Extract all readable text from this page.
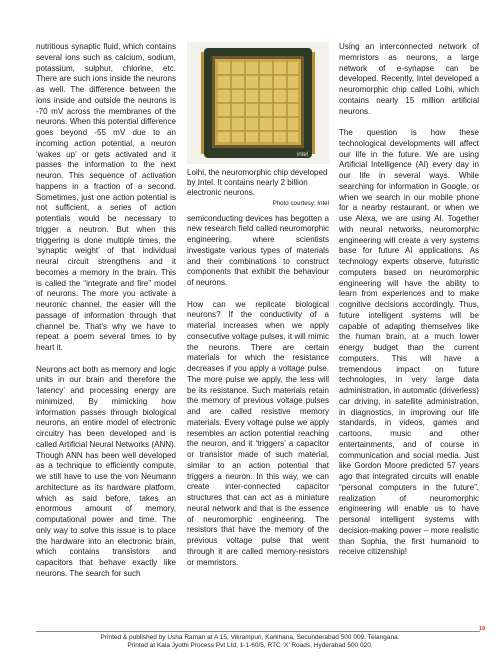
nutritious synaptic fluid, which contains several ions such as calcium, sodium, potassium, sulphur, chlorine, etc. There are such ions inside the neurons as well. The difference between the ions inside and outside the neurons is -70 mV across the membranes of the neurons. When this potential difference goes beyond -55 mV due to an incoming action potential, a neuron ‘wakes up’ or gets activated and it passes the information to the next neuron. This sequence of activation happens in a fraction of a second. Sometimes, just one action potential is not sufficient, a series of action potentials would be necessary to trigger a neutron. But when this triggering is done multiple times, the ‘synaptic weight’ of that individual neural circuit strengthens and it becomes a memory in the brain. This is called the “integrate and fire” model of neurons. The more you activate a neuronic channel, the easier will the passage of information through that channel be. That’s why we have to repeat a poem several times to by heart it.

Neurons act both as memory and logic units in our brain and therefore the ‘latency’ and processing energy are minimized. By mimicking how information passes through biological neurons, an entire model of electronic circuitry has been developed and is called Artificial Neural Networks (ANN). Though ANN has been well developed as a technique to efficiently compute, we still have to use the von Neumann architecture as its hardware platform, which as said before, takes an enormous amount of memory, computational power and time. The only way to solve this issue is to place the hardware into an electronic brain, which contains transistors and capacitors that behave exactly like neurons. The search for such

intel
Loihi, the neuromorphic chip developed by Intel. It contains nearly 2 billion electronic neurons.
Photo courtesy: Intel

semiconducting devices has begotten a new research field called neuromorphic engineering, where scientists investigate various types of materials and their combinations to construct components that exhibit the behaviour of neurons.

How can we replicate biological neurons? If the conductivity of a material increases when we apply consecutive voltage pulses, it will mimic the neurons. There are certain materials for which the resistance decreases if you apply a voltage pulse. The more pulse we apply, the less will be its resistance. Such materials retain the memory of previous voltage pulses and are called resistive memory materials. Every voltage pulse we apply resembles an action potential reaching the neuron, and it ‘triggers’ a capacitor or transistor made of such material, similar to an action potential that triggers a neuron. In this way, we can create inter-connected capacitor structures that can act as a miniature neural network and that is the essence of neuromorphic engineering. The resistors that have the memory of the previous voltage pulse that went through it are called memory-resistors or memristors.

Using an interconnected network of memristors as neurons, a large network of e-synapse can be developed. Recently, Intel developed a neuromorphic chip called Loihi, which contains nearly 15 million artificial neurons.

The question is how these technological developments will affect our life in the future. We are using Artificial Intelligence (AI) every day in our life in several ways. While searching for information in Google, or when we search in our mobile phone for a nearby restaurant, or when we use Alexa, we are using AI. Together with neural networks, neuromorphic engineering will create a very systems base for future AI applications. As technology experts observe, futuristic computers based on neuromorphic engineering will have the ability to learn from experiences and to make cognitive decisions accordingly. Thus, future intelligent systems will be capable of adapting themselves like the human brain, at a much lower energy budget than the current computers. This will have a tremendous impact on future technologies, in very large data administration, in automatic (driverless) car driving, in satellite administration, in diagnostics, in improving our life standards, in videos, games and cartoons, music and other entertainments, and of course in communication and social media. Just like Gordon Moore predicted 57 years ago that integrated circuits will enable “personal computers in the future”, realization of neuromorphic engineering will enable us to have personal intelligent systems with decision-making power – more realistic than Sophia, the first humanoid to receive citizenship!

19
Printed & published by Usha Raman at A 15, Vikrampuri, Karkhana, Secunderabad 500 009. Telangana.
Printed at Kala Jyothi Process Pvt Ltd, 1-1-60/5, RTC ‘X’ Roads, Hyderabad 500 020.
